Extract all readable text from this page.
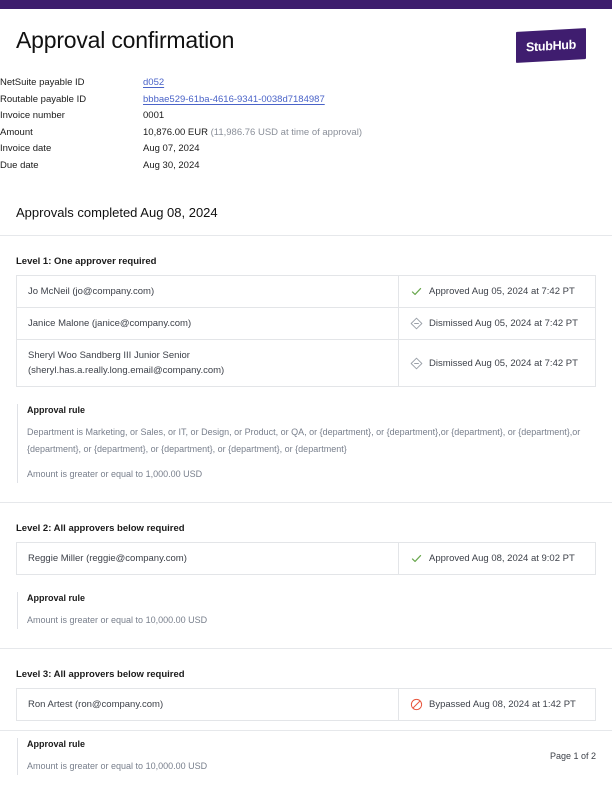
Approval confirmation	StubHub
NetSuite payable ID	d052
Routable payable ID	bbbae529-61ba-4616-9341-0038d7184987
Invoice number	0001
Amount	10,876.00 EUR (11,986.76 USD at time of approval)
Invoice date	Aug 07, 2024
Due date	Aug 30, 2024
Approvals completed Aug 08, 2024
Level 1: One approver required
Jo McNeil (jo@company.com)	Approved Aug 05, 2024 at 7:42 PT

Janice Malone (janice@company.com)	Dismissed Aug 05, 2024 at 7:42 PT

Sheryl Woo Sandberg III Junior Senior (sheryl.has.a.really.long.email@company.com)	Dismissed Aug 05, 2024 at 7:42 PT
Approval rule
Department is Marketing, or Sales, or IT, or Design, or Product, or QA, or {department}, or {department},or {department}, or {department},or {department}, or {department}, or {department}, or {department}, or {department}
Amount is greater or equal to 1,000.00 USD
Level 2: All approvers below required
Reggie Miller (reggie@company.com)	Approved Aug 08, 2024 at 9:02 PT
Approval rule
Amount is greater or equal to 10,000.00 USD
Level 3: All approvers below required
Ron Artest (ron@company.com)	Bypassed Aug 08, 2024 at 1:42 PT
Approval rule
Amount is greater or equal to 10,000.00 USD
Page 1 of 2
